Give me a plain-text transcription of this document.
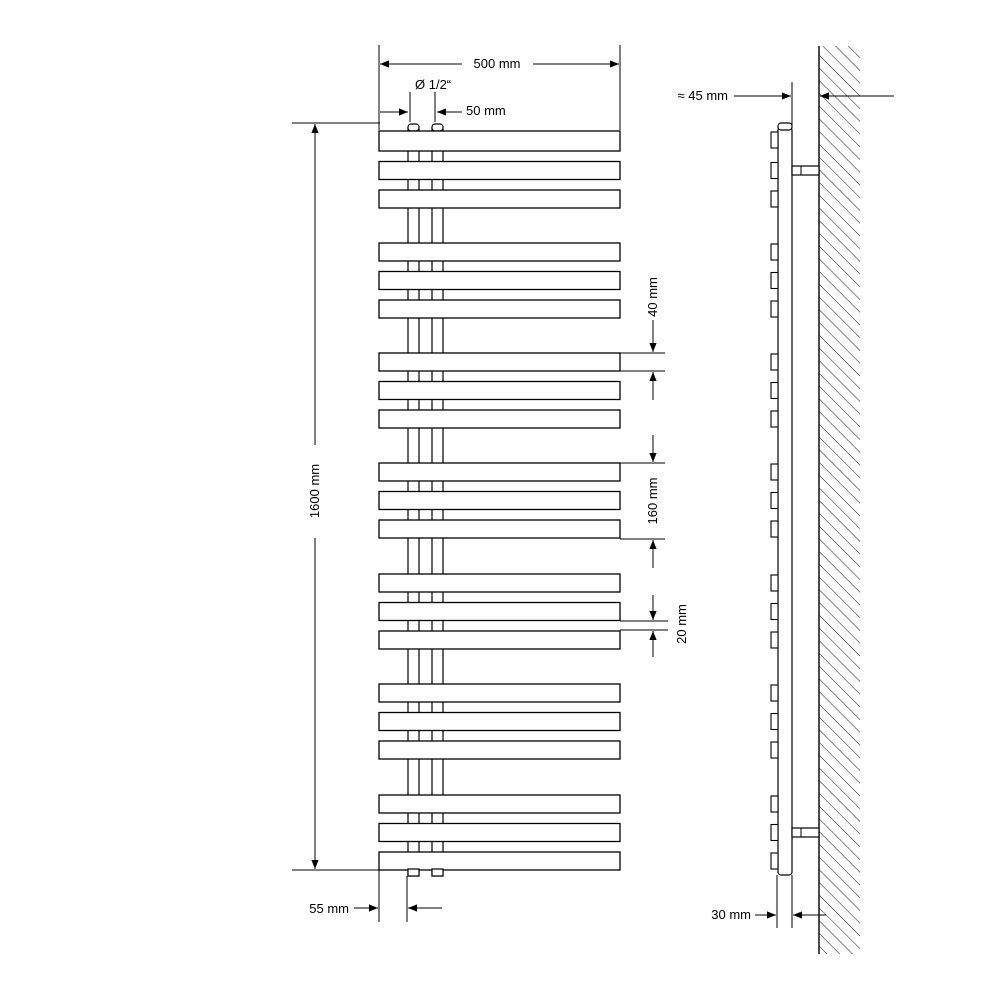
500 mm
Ø 1/2“
50 mm
1600 mm
40 mm
160 mm
20 mm
55 mm
≈ 45 mm
30 mm
